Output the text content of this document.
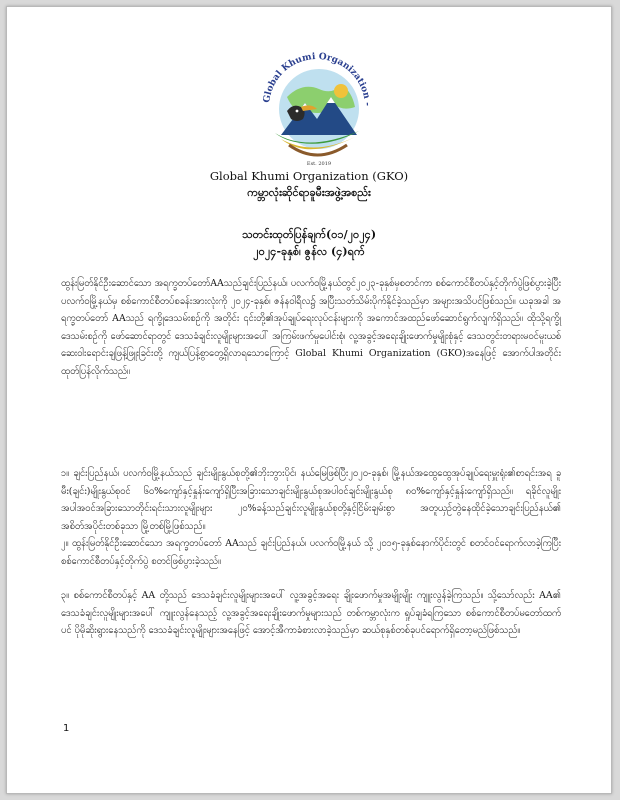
Global Khumi Organization -
Est. 2019
Global Khumi Organization (GKO)
ကမ္ဘာလုံးဆိုင်ရာခူမီးအဖွဲ့အစည်း
သတင်းထုတ်ပြန်ချက်(၀၁/၂၀၂၄)
၂၀၂၄-ခုနှစ်၊ ဇွန်လ (၄)ရက်
ထွန်းမြတ်နိုင်ဦးဆောင်သော အရက္ခတပ်တော်AAသည်ချင်းပြည်နယ်၊ ပလက်ဝမြို့နယ်တွင်၂၀၂၃-ခုနှစ်မှစတင်ကာ စစ်ကောင်စီတပ်နှင့်တိုက်ပွဲဖြစ်ပွားခဲ့ပြီး ပလက်ဝမြို့နယ်မှ စစ်ကောင်စီတပ်စခန်းအားလုံးကို ၂၀၂၄-ခုနှစ်၊ ဇန်နဝါရီလ၌ အပြီးသတ်သိမ်းပိုက်နိုင်ခဲ့သည်မှာ အများအသိပင်ဖြစ်သည်။ ယခုအခါ အရက္ခတပ်တော် AAသည် ရက္ခိုဒေသမ်းစဉ်ကို အတိုင်း ၎င်းတို့၏အုပ်ချုပ်ရေးလုပ်ငန်းများကို အကောင်အထည်ဖော်ဆောင်ရွက်လျက်ရှိသည်။ ထိုသို့ရက္ခိုဒေသမ်းစဉ်ကို ဖော်ဆောင်ရာတွင် ဒေသခံချင်းလူမျိုးများအပေါ် အကြမ်းဖက်မှုပေါင်းစုံ၊ လူ့အခွင့်အရေးချိုးဖောက်မှုမျိုးစုံနှင့် ဒေသတွင်းတရားမဝင်မူးယစ်ဆေးဝါးရောင်းချဖြန့်ဖြူးခြင်းတို့ ကျယ်ပြန့်စွာတွေ့ရှိလာရသောကြောင့် Global Khumi Organization (GKO)အနေဖြင့် အောက်ပါအတိုင်းထုတ်ပြန်လိုက်သည်။
၁။ ချင်းပြည်နယ်၊ ပလက်ဝမြို့နယ်သည် ချင်းမျိုးနွယ်စုတို့၏ဘိုးဘွားပိုင်၊ နယ်မြေဖြစ်ပြီး၂၀၂၀-ခုနှစ်၊ မြို့နယ်အထွေထွေအုပ်ချုပ်ရေးမှူးရုံး၏စာရင်းအရ ခူမီး(ချင်း)မျိုးနွယ်စုဝင် ၆၀%ကျော်နှင့်နှုန်းကျော်ရှိပြီးအခြားသောချင်းမျိုးနွယ်စုအပါဝင်ချင်းမျိုးနွယ်စု ၈၀%ကျော်နှင့်နှုန်းကျော်ရှိသည်။ ရခိုင်လူမျိုးအပါအဝင်အခြားသောတိုင်းရင်းသားလူမျိုးများ ၂၀%ခန့်သည်ချင်းလူမျိုးနွယ်စုတို့နှင့်ငြိမ်းချမ်းစွာ အတူယှဉ်တွဲနေထိုင်ခဲ့သောချင်းပြည်နယ်၏ အစိတ်အပိုင်းတစ်ခုသာ မြို့တစ်မြို့ဖြစ်သည်။
၂။ ထွန်းမြတ်နိုင်ဦးဆောင်သော အရက္ခတပ်တော် AAသည် ချင်းပြည်နယ်၊ ပလက်ဝမြို့နယ် သို့ ၂၀၁၅-ခုနှစ်နောက်ပိုင်းတွင် စတင်ဝင်ရောက်လာခဲ့ကြပြီး စစ်ကောင်စီတပ်နှင့်တိုက်ပွဲ စတင်ဖြစ်ပွားခဲ့သည်။
၃။ စစ်ကောင်စီတပ်နှင့် AA တို့သည် ဒေသခံချင်းလူမျိုးများအပေါ် လူ့အခွင့်အရေး ချိုးဖောက်မှုအမျိုးမျိုး ကျူးလွန်ခဲ့ကြသည်။ သို့သော်လည်း AA၏ ဒေသခံချင်းလူမျိုးများအပေါ် ကျူးလွန်နေသည့် လူ့အခွင့်အရေးချိုးဖောက်မှုများသည် တစ်ကမ္ဘာလုံးက ရှုပ်ချခံရကြသော စစ်ကောင်စီတပ်မတော်ထက်ပင် ပိုမိုဆိုးရွားနေသည်ကို ဒေသခံချင်းလူမျိုးများအနေဖြင့် အောင့်အီကာခံစားလာခဲ့သည်မှာ ဆယ်စုနှစ်တစ်ခုပင်ရောက်ရှိတော့မည်ဖြစ်သည်။
1
